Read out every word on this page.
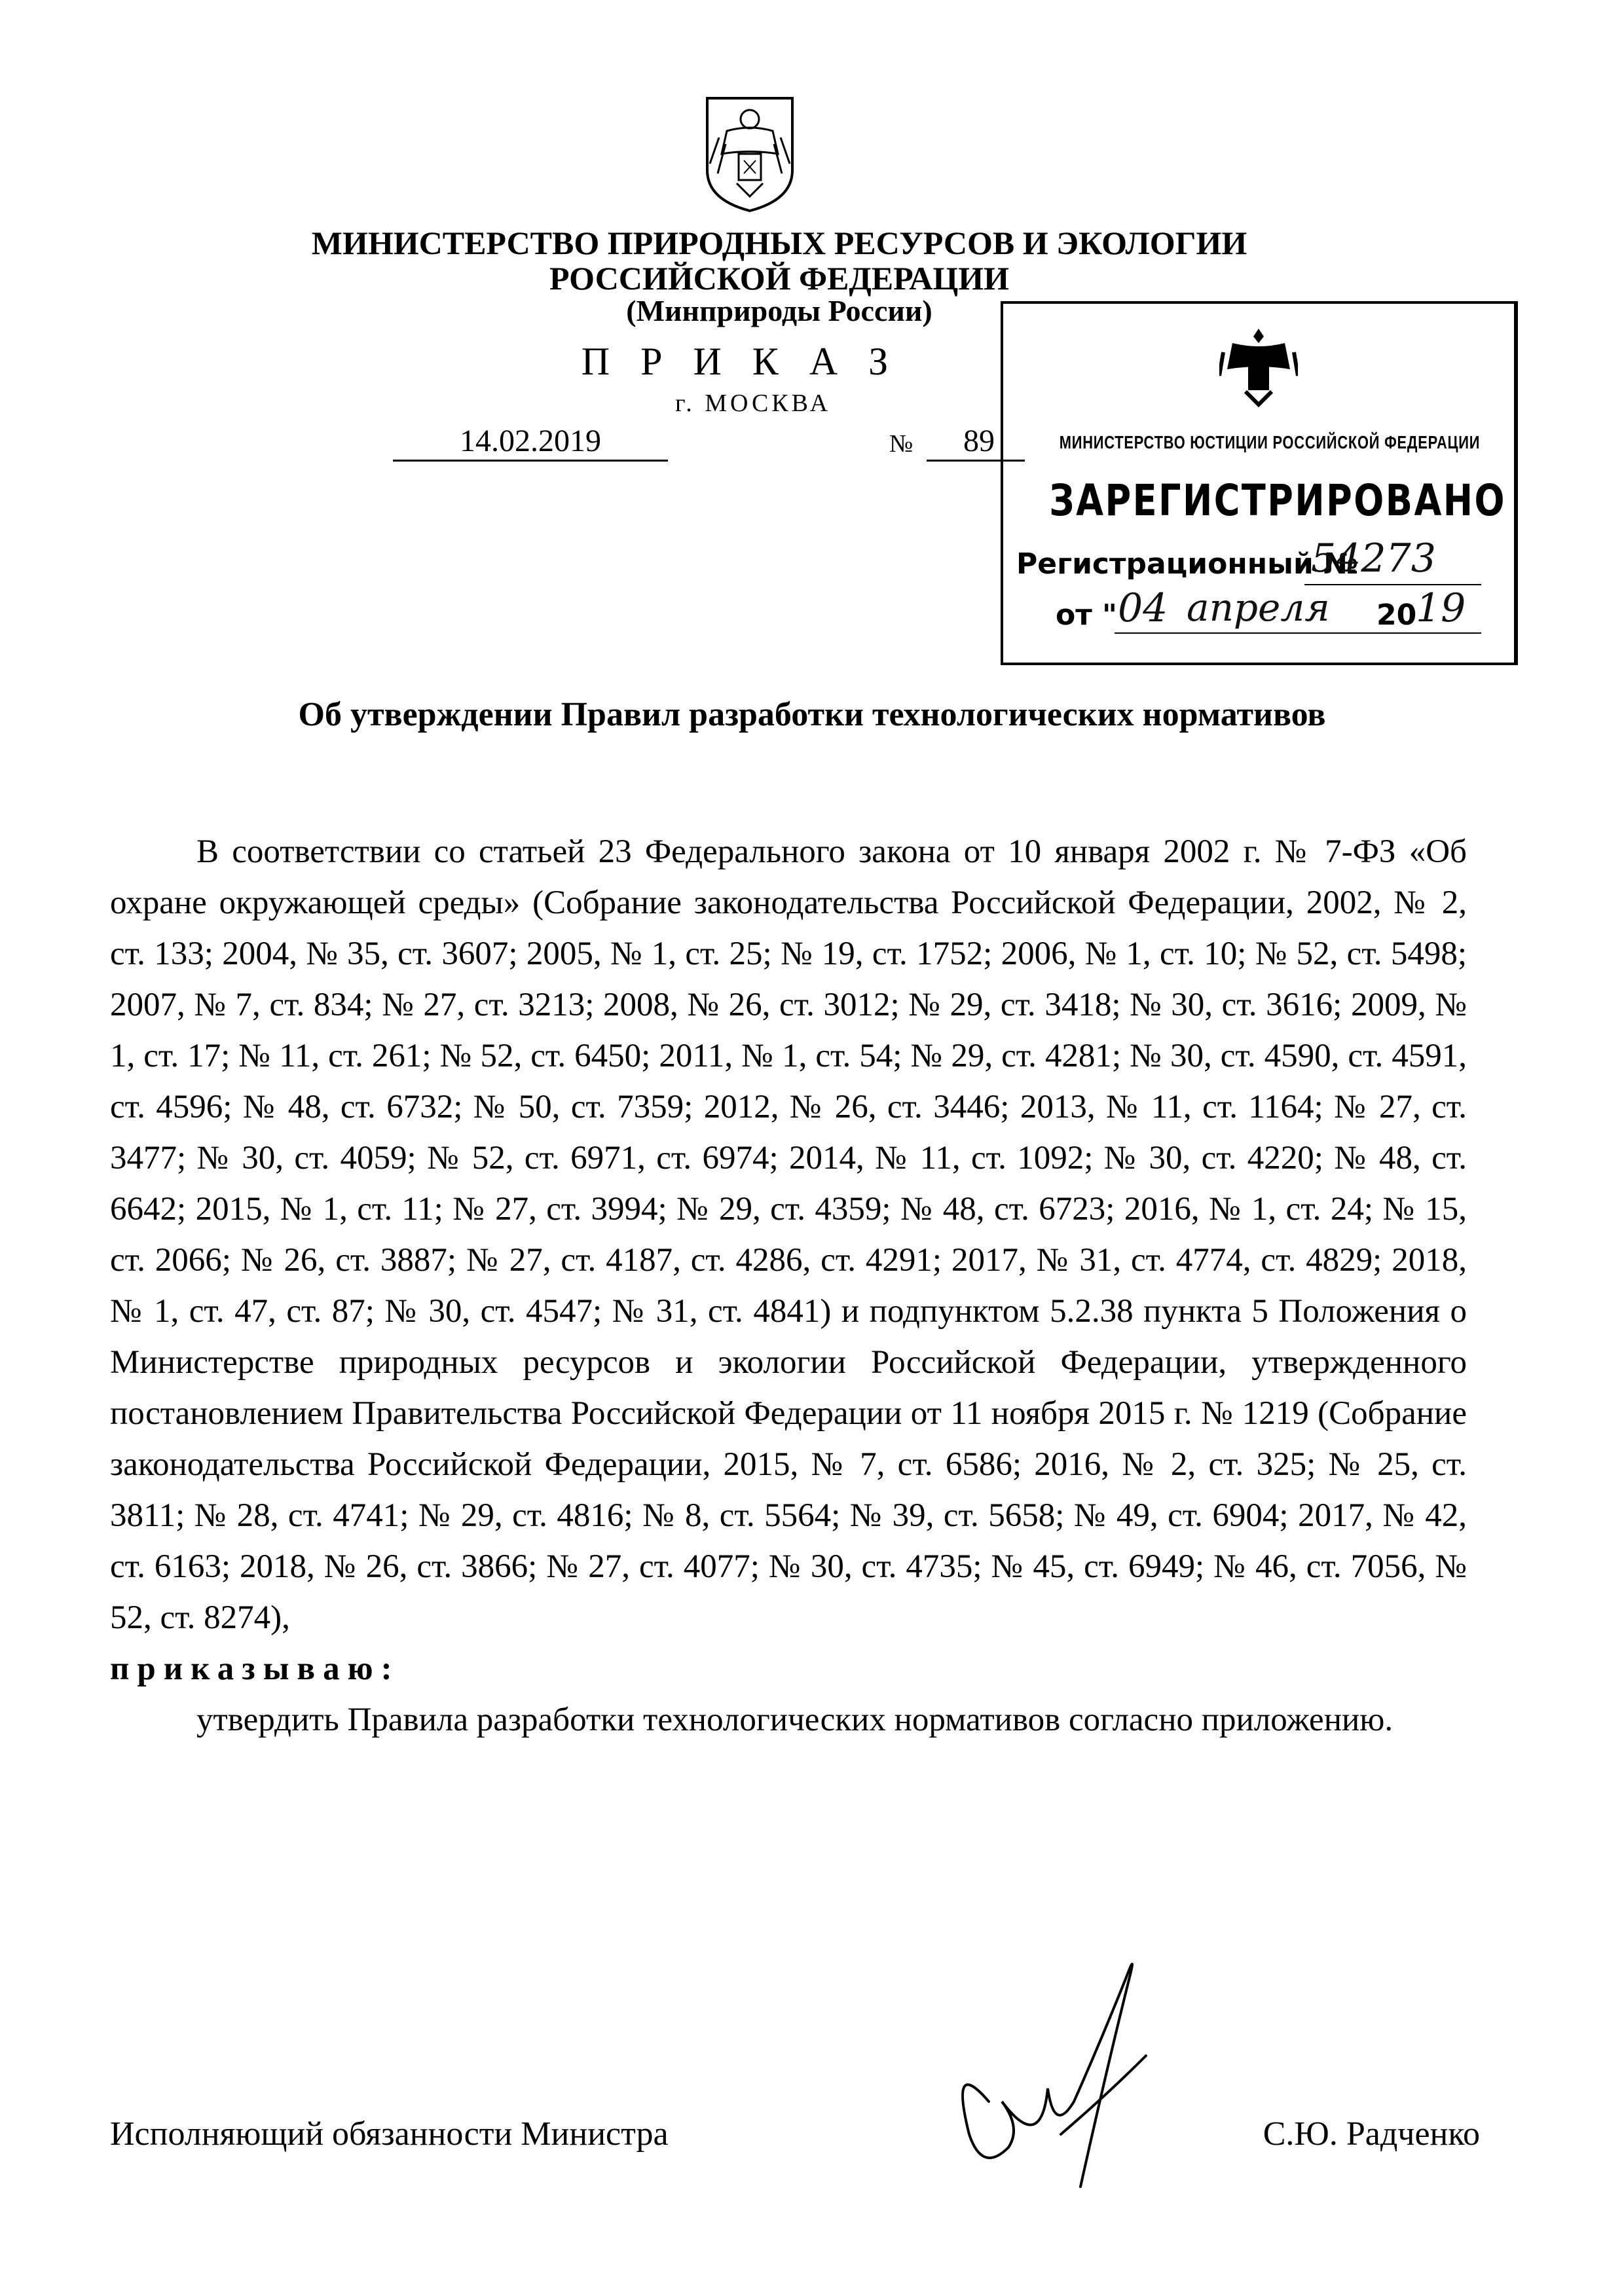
МИНИСТЕРСТВО ПРИРОДНЫХ РЕСУРСОВ И ЭКОЛОГИИ
РОССИЙСКОЙ ФЕДЕРАЦИИ
(Минприроды России)
П Р И К А З
г. МОСКВА
14.02.2019	№	89	МИНИСТЕРСТВО ЮСТИЦИИ РОССИЙСКОЙ ФЕДЕРАЦИИ
ЗАРЕГИСТРИРОВАНО
Регистрационный №
54273
от " 04 апреля 20
19
Об утверждении Правил разработки технологических нормативов

В соответствии со статьей 23 Федерального закона от 10 января 2002 г. № 7-ФЗ «Об охране окружающей среды» (Собрание законодательства Российской Федерации, 2002, № 2, ст. 133; 2004, № 35, ст. 3607; 2005, № 1, ст. 25; № 19, ст. 1752; 2006, № 1, ст. 10; № 52, ст. 5498; 2007, № 7, ст. 834; № 27, ст. 3213; 2008, № 26, ст. 3012; № 29, ст. 3418; № 30, ст. 3616; 2009, № 1, ст. 17; № 11, ст. 261; № 52, ст. 6450; 2011, № 1, ст. 54; № 29, ст. 4281; № 30, ст. 4590, ст. 4591, ст. 4596; № 48, ст. 6732; № 50, ст. 7359; 2012, № 26, ст. 3446; 2013, № 11, ст. 1164; № 27, ст. 3477; № 30, ст. 4059; № 52, ст. 6971, ст. 6974; 2014, № 11, ст. 1092; № 30, ст. 4220; № 48, ст. 6642; 2015, № 1, ст. 11; № 27, ст. 3994; № 29, ст. 4359; № 48, ст. 6723; 2016, № 1, ст. 24; № 15, ст. 2066; № 26, ст. 3887; № 27, ст. 4187, ст. 4286, ст. 4291; 2017, № 31, ст. 4774, ст. 4829; 2018, № 1, ст. 47, ст. 87; № 30, ст. 4547; № 31, ст. 4841) и подпунктом 5.2.38 пункта 5 Положения о Министерстве природных ресурсов и экологии Российской Федерации, утвержденного постановлением Правительства Российской Федерации от 11 ноября 2015 г. № 1219 (Собрание законодательства Российской Федерации, 2015, № 7, ст. 6586; 2016, № 2, ст. 325; № 25, ст. 3811; № 28, ст. 4741; № 29, ст. 4816; № 8, ст. 5564; № 39, ст. 5658; № 49, ст. 6904; 2017, № 42, ст. 6163; 2018, № 26, ст. 3866; № 27, ст. 4077; № 30, ст. 4735; № 45, ст. 6949; № 46, ст. 7056, № 52, ст. 8274),

приказываю:

утвердить Правила разработки технологических нормативов согласно приложению.

Исполняющий обязанности Министра	С.Ю. Радченко
